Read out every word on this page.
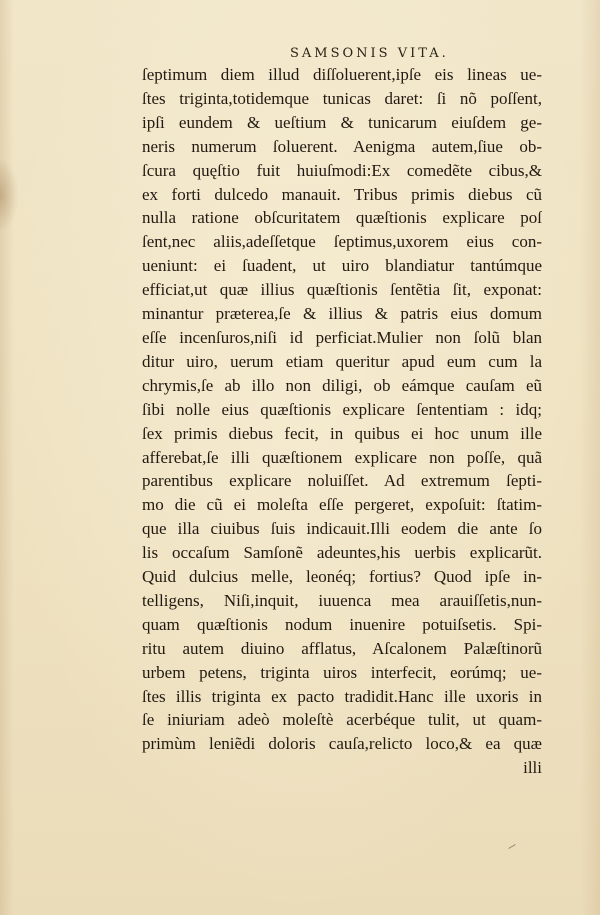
SAMSONIS VITA.
ſeptimum diem illud diſſoluerent,ipſe eis lineas ue-
ſtes triginta,totidemque tunicas daret: ſi nõ poſſent,
ipſi eundem & ueſtium & tunicarum eiuſdem ge-
neris numerum ſoluerent. Aenigma autem,ſiue ob-
ſcura quęſtio fuit huiuſmodi:Ex comedẽte cibus,&
ex forti dulcedo manauit. Tribus primis diebus cũ
nulla ratione obſcuritatem quæſtionis explicare poſ
ſent,nec aliis,adeſſetque ſeptimus,uxorem eius con-
ueniunt: ei ſuadent, ut uiro blandiatur tantúmque
efficiat,ut quæ illius quæſtionis ſentẽtia ſit, exponat:
minantur præterea,ſe & illius & patris eius domum
eſſe incenſuros,niſi id perficiat.Mulier non ſolũ blan
ditur uiro, uerum etiam queritur apud eum cum la
chrymis,ſe ab illo non diligi, ob eámque cauſam eũ
ſibi nolle eius quæſtionis explicare ſententiam : idq;
ſex primis diebus fecit, in quibus ei hoc unum ille
afferebat,ſe illi quæſtionem explicare non poſſe, quã
parentibus explicare noluiſſet. Ad extremum ſepti-
mo die cũ ei moleſta eſſe pergeret, expoſuit: ſtatim-
que illa ciuibus ſuis indicauit.Illi eodem die ante ſo
lis occaſum Samſonẽ adeuntes,his uerbis explicarũt.
Quid dulcius melle, leonéq; fortius? Quod ipſe in-
telligens, Niſi,inquit, iuuenca mea arauiſſetis,nun-
quam quæſtionis nodum inuenire potuiſsetis. Spi-
ritu autem diuino afflatus, Aſcalonem Palæſtinorũ
urbem petens, triginta uiros interfecit, eorúmq; ue-
ſtes illis triginta ex pacto tradidit.Hanc ille uxoris in
ſe iniuriam adeò moleſtè acerbéque tulit, ut quam-
primùm leniẽdi doloris cauſa,relicto loco,& ea quæ
illi
